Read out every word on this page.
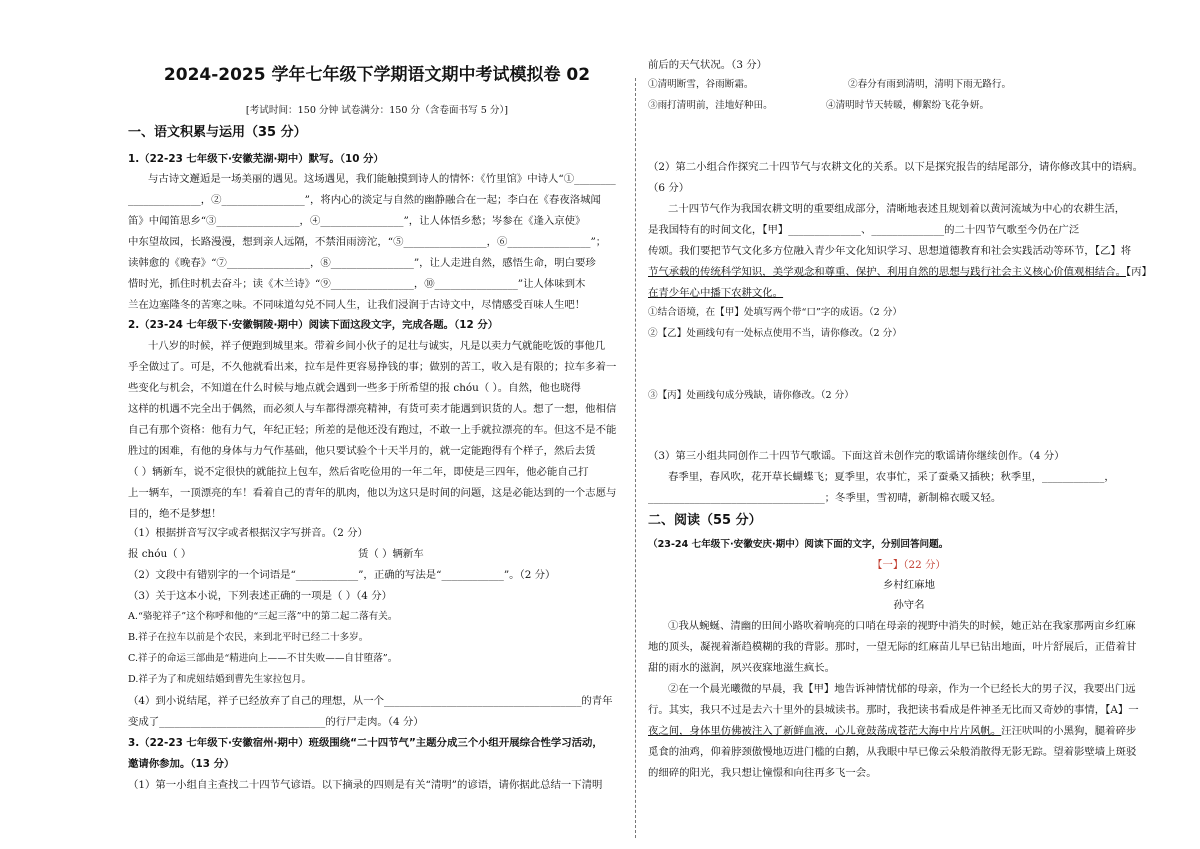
2024-2025 学年七年级下学期语文期中考试模拟卷 02
[考试时间：150 分钟 试卷满分：150 分（含卷面书写 5 分）]
一、语文积累与运用（35 分）
1.（22-23 七年级下·安徽芜湖·期中）默写。（10 分）
与古诗文邂逅是一场美丽的遇见。这场遇见，我们能触摸到诗人的情怀：《竹里馆》中诗人“①________
______________，②________________”，将内心的淡定与自然的幽静融合在一起；李白在《春夜洛城闻
笛》中闻笛思乡“③________________，④________________”，让人体悟乡愁；岑参在《逢入京使》
中东望故园，长路漫漫，想到亲人远隔，不禁泪雨滂沱，“⑤________________，⑥________________”；
读韩愈的《晚春》“⑦________________，⑧________________”，让人走进自然，感悟生命，明白要珍
惜时光，抓住时机去奋斗；读《木兰诗》“⑨________________，⑩________________”让人体味到木
兰在边塞隆冬的苦寒之味。不同味道勾兑不同人生，让我们浸润于古诗文中，尽情感受百味人生吧！
2.（23-24 七年级下·安徽铜陵·期中）阅读下面这段文字，完成各题。（12 分）
十八岁的时候，祥子便跑到城里来。带着乡间小伙子的足壮与诚实，凡是以卖力气就能吃饭的事他几
乎全做过了。可是，不久他就看出来，拉车是件更容易挣钱的事；做别的苦工，收入是有限的；拉车多着一
些变化与机会，不知道在什么时候与地点就会遇到一些多于所希望的报 chóu（ ）。自然，他也晓得
这样的机遇不完全出于偶然，而必须人与车都得漂亮精神，有货可卖才能遇到识货的人。想了一想，他相信
自己有那个资格：他有力气，年纪正轻；所差的是他还没有跑过，不敢一上手就拉漂亮的车。但这不是不能
胜过的困难，有他的身体与力气作基础，他只要试验个十天半月的，就一定能跑得有个样子，然后去赁
（ ）辆新车，说不定很快的就能拉上包车，然后省吃俭用的一年二年，即使是三四年，他必能自己打
上一辆车，一顶漂亮的车！看着自己的青年的肌肉，他以为这只是时间的问题，这是必能达到的一个志愿与
目的，绝不是梦想！
（1）根据拼音写汉字或者根据汉字写拼音。（2 分）
报 chóu（ ）	赁（ ）辆新车
（2）文段中有错别字的一个词语是“____________”，正确的写法是“____________”。（2 分）
（3）关于这本小说，下列表述正确的一项是（ ）（4 分）
A.“骆驼祥子”这个称呼和他的“三起三落”中的第二起二落有关。
B.祥子在拉车以前是个农民，来到北平时已经二十多岁。
C.祥子的命运三部曲是“精进向上——不甘失败——自甘堕落”。
D.祥子为了和虎妞结婚到曹先生家拉包月。
（4）到小说结尾，祥子已经放弃了自己的理想，从一个______________________________________的青年
变成了________________________________的行尸走肉。（4 分）
3.（22-23 七年级下·安徽宿州·期中）班级围绕“二十四节气”主题分成三个小组开展综合性学习活动，
邀请你参加。（13 分）
（1）第一小组自主查找二十四节气谚语。以下摘录的四则是有关“清明”的谚语，请你据此总结一下清明
前后的天气状况。（3 分）
①清明断雪，谷雨断霜。	②春分有雨到清明，清明下雨无路行。
③雨打清明前，洼地好种田。	④清明时节天转暖，柳絮纷飞花争妍。
（2）第二小组合作探究二十四节气与农耕文化的关系。以下是探究报告的结尾部分，请你修改其中的语病。
（6 分）
二十四节气作为我国农耕文明的重要组成部分，清晰地表述且规划着以黄河流域为中心的农耕生活，
是我国特有的时间文化，【甲】______________、______________的二十四节气歌至今仍在广泛
传颂。我们要把节气文化多方位融入青少年文化知识学习、思想道德教育和社会实践活动等环节，【乙】将
节气承载的传统科学知识，美学观念和尊重、保护、利用自然的思想与践行社会主义核心价值观相结合。【丙】
在青少年心中播下农耕文化。
①结合语境，在【甲】处填写两个带“口”字的成语。（2 分）
②【乙】处画线句有一处标点使用不当，请你修改。（2 分）
③【丙】处画线句成分残缺，请你修改。（2 分）
（3）第三小组共同创作二十四节气歌谣。下面这首未创作完的歌谣请你继续创作。（4 分）
春季里，春风吹，花开草长蝴蝶飞；夏季里，农事忙，采了蚕桑又插秧；秋季里，____________，
__________________________________；冬季里，雪初晴，新制棉衣暖又轻。
二、阅读（55 分）
（23-24 七年级下·安徽安庆·期中）阅读下面的文字，分别回答问题。
【一】（22 分）
乡村红麻地
孙守名
①我从蜿蜒、清幽的田间小路吹着响亮的口哨在母亲的视野中消失的时候，她正站在我家那两亩乡红麻
地的顶头，凝视着渐趋模糊的我的背影。那时，一望无际的红麻苗儿早已钻出地面，叶片舒展后，正借着甘
甜的雨水的滋润，夙兴夜寐地滋生疯长。
②在一个晨光曦微的早晨，我【甲】地告诉神情忧郁的母亲，作为一个已经长大的男子汉，我要出门远
行。其实，我只不过是去六十里外的县城读书。那时，我把读书看成是件神圣无比而又奇妙的事情，【A】一
夜之间，身体里仿佛被注入了新鲜血液，心儿竟鼓荡成苍茫大海中片片风帆。汪汪吠叫的小黑狗，腿着碎步
觅食的油鸡，仰着脖颈傲慢地迈进门槛的白鹅，从我眼中早已像云朵般消散得无影无踪。望着影壁墙上斑驳
的细碎的阳光，我只想让憧憬和向往再多飞一会。
